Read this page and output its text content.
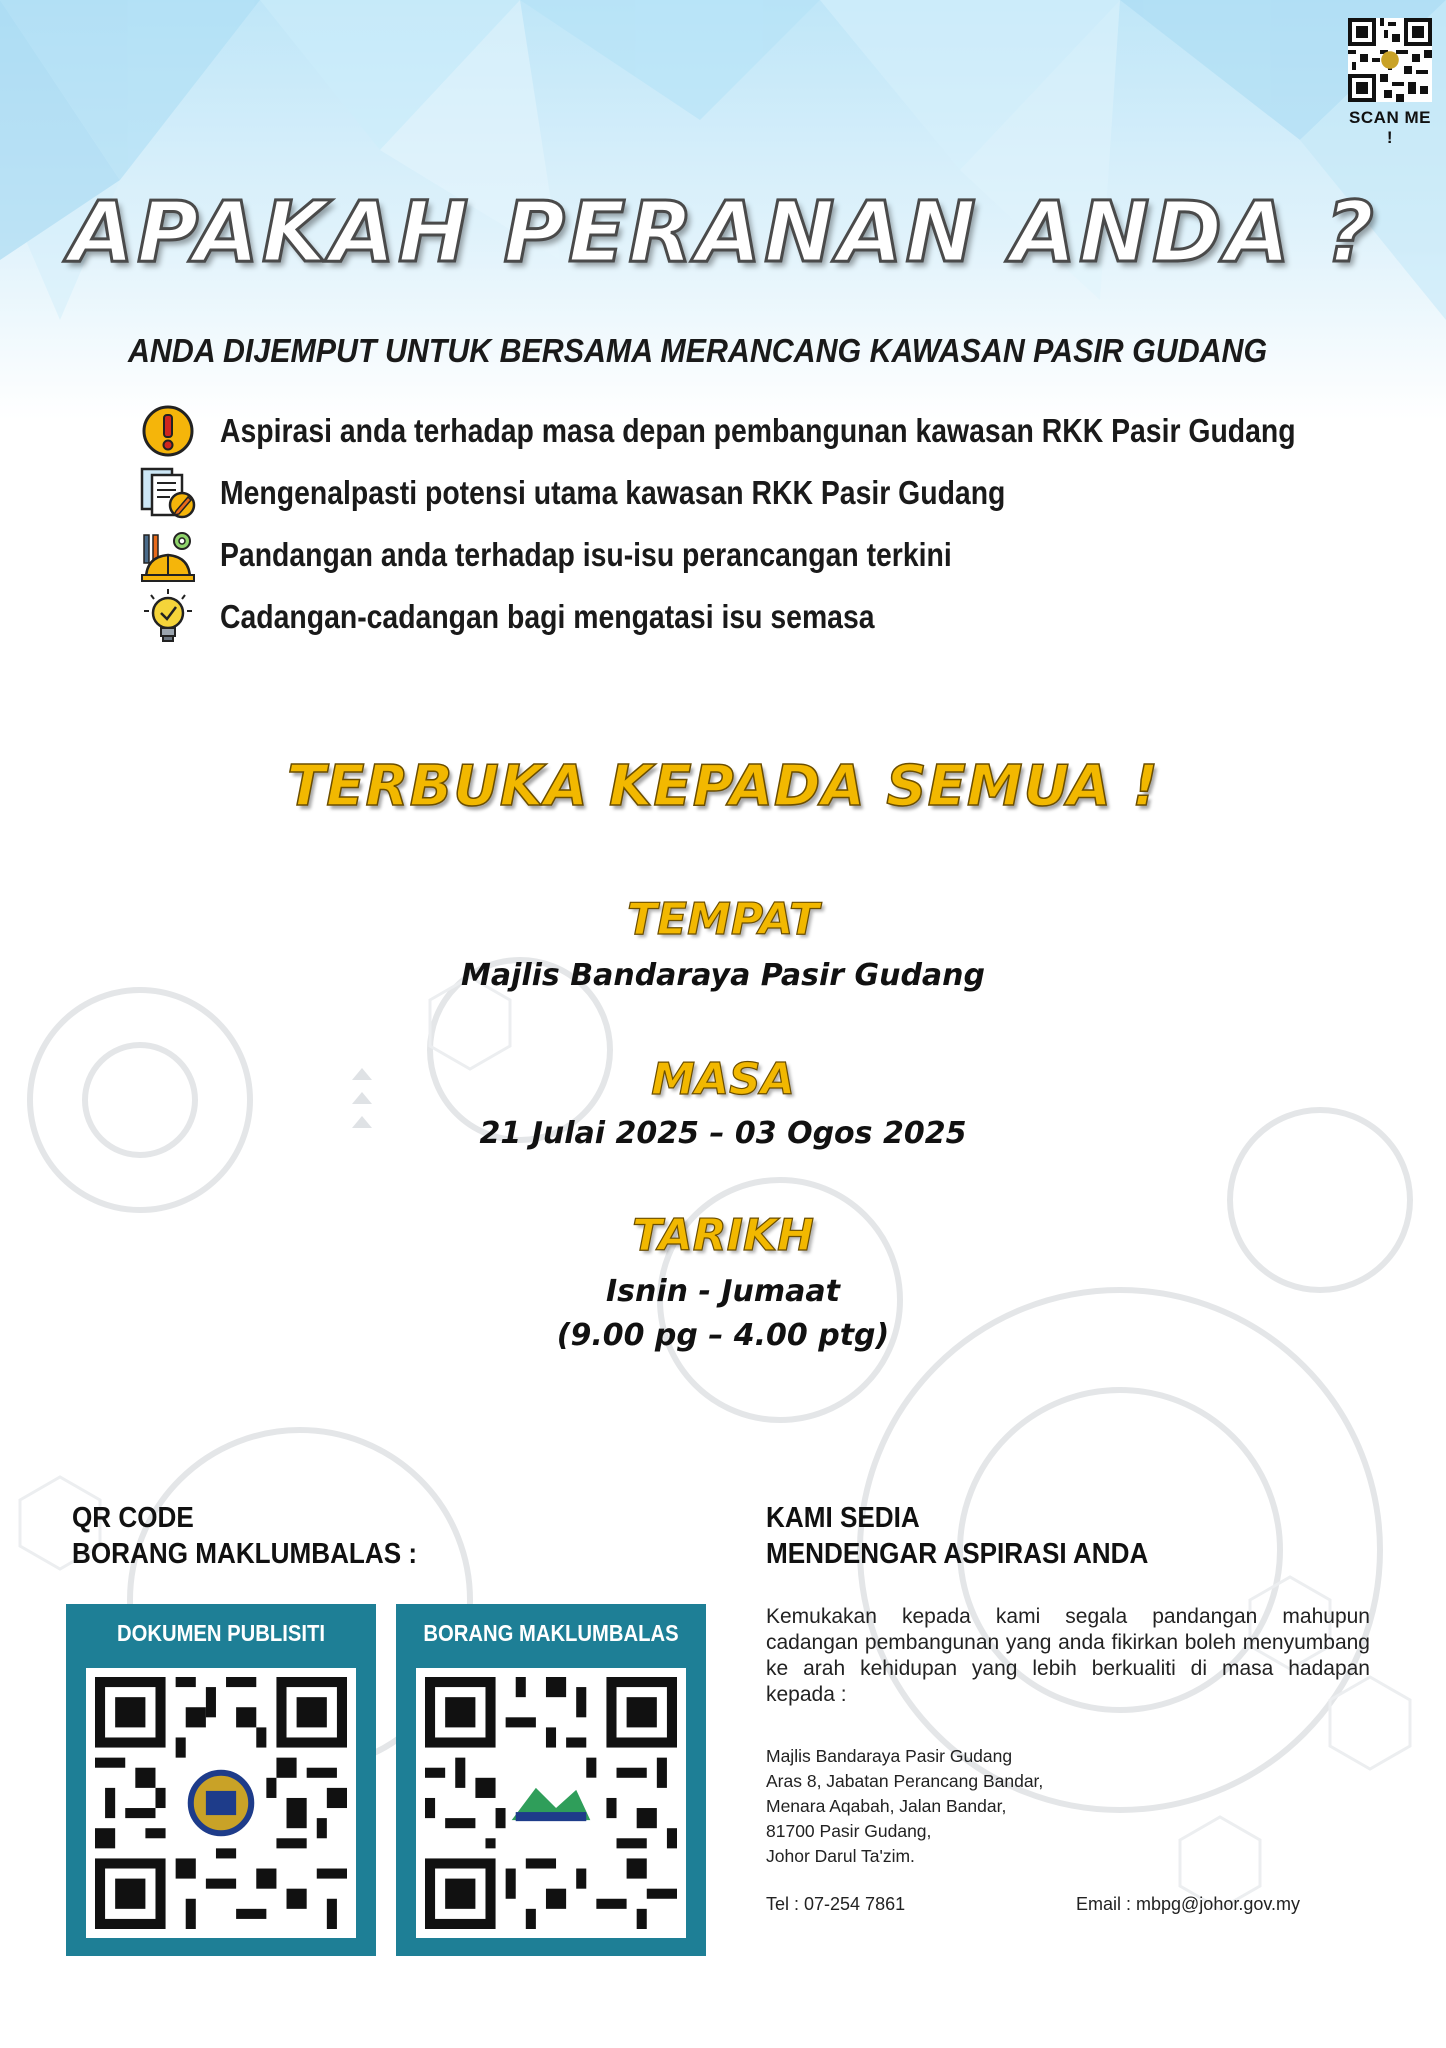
SCAN ME !
APAKAH PERANAN ANDA ?
ANDA DIJEMPUT UNTUK BERSAMA MERANCANG KAWASAN PASIR GUDANG
Aspirasi anda terhadap masa depan pembangunan kawasan RKK Pasir Gudang
Mengenalpasti potensi utama kawasan RKK Pasir Gudang
Pandangan anda terhadap isu-isu perancangan terkini
Cadangan-cadangan bagi mengatasi isu semasa
TERBUKA KEPADA SEMUA !
TEMPAT
Majlis Bandaraya Pasir Gudang
MASA
21 Julai 2025 – 03 Ogos 2025
TARIKH
Isnin - Jumaat
(9.00 pg – 4.00 ptg)
QR CODE
BORANG MAKLUMBALAS :
DOKUMEN PUBLISITI	BORANG MAKLUMBALAS
KAMI SEDIA
MENDENGAR ASPIRASI ANDA
Kemukakan kepada kami segala pandangan mahupun cadangan pembangunan yang anda fikirkan boleh menyumbang ke arah kehidupan yang lebih berkualiti di masa hadapan kepada :
Majlis Bandaraya Pasir Gudang
Aras 8, Jabatan Perancang Bandar,
Menara Aqabah, Jalan Bandar,
81700 Pasir Gudang,
Johor Darul Ta'zim.
Tel : 07-254 7861	Email : mbpg@johor.gov.my
